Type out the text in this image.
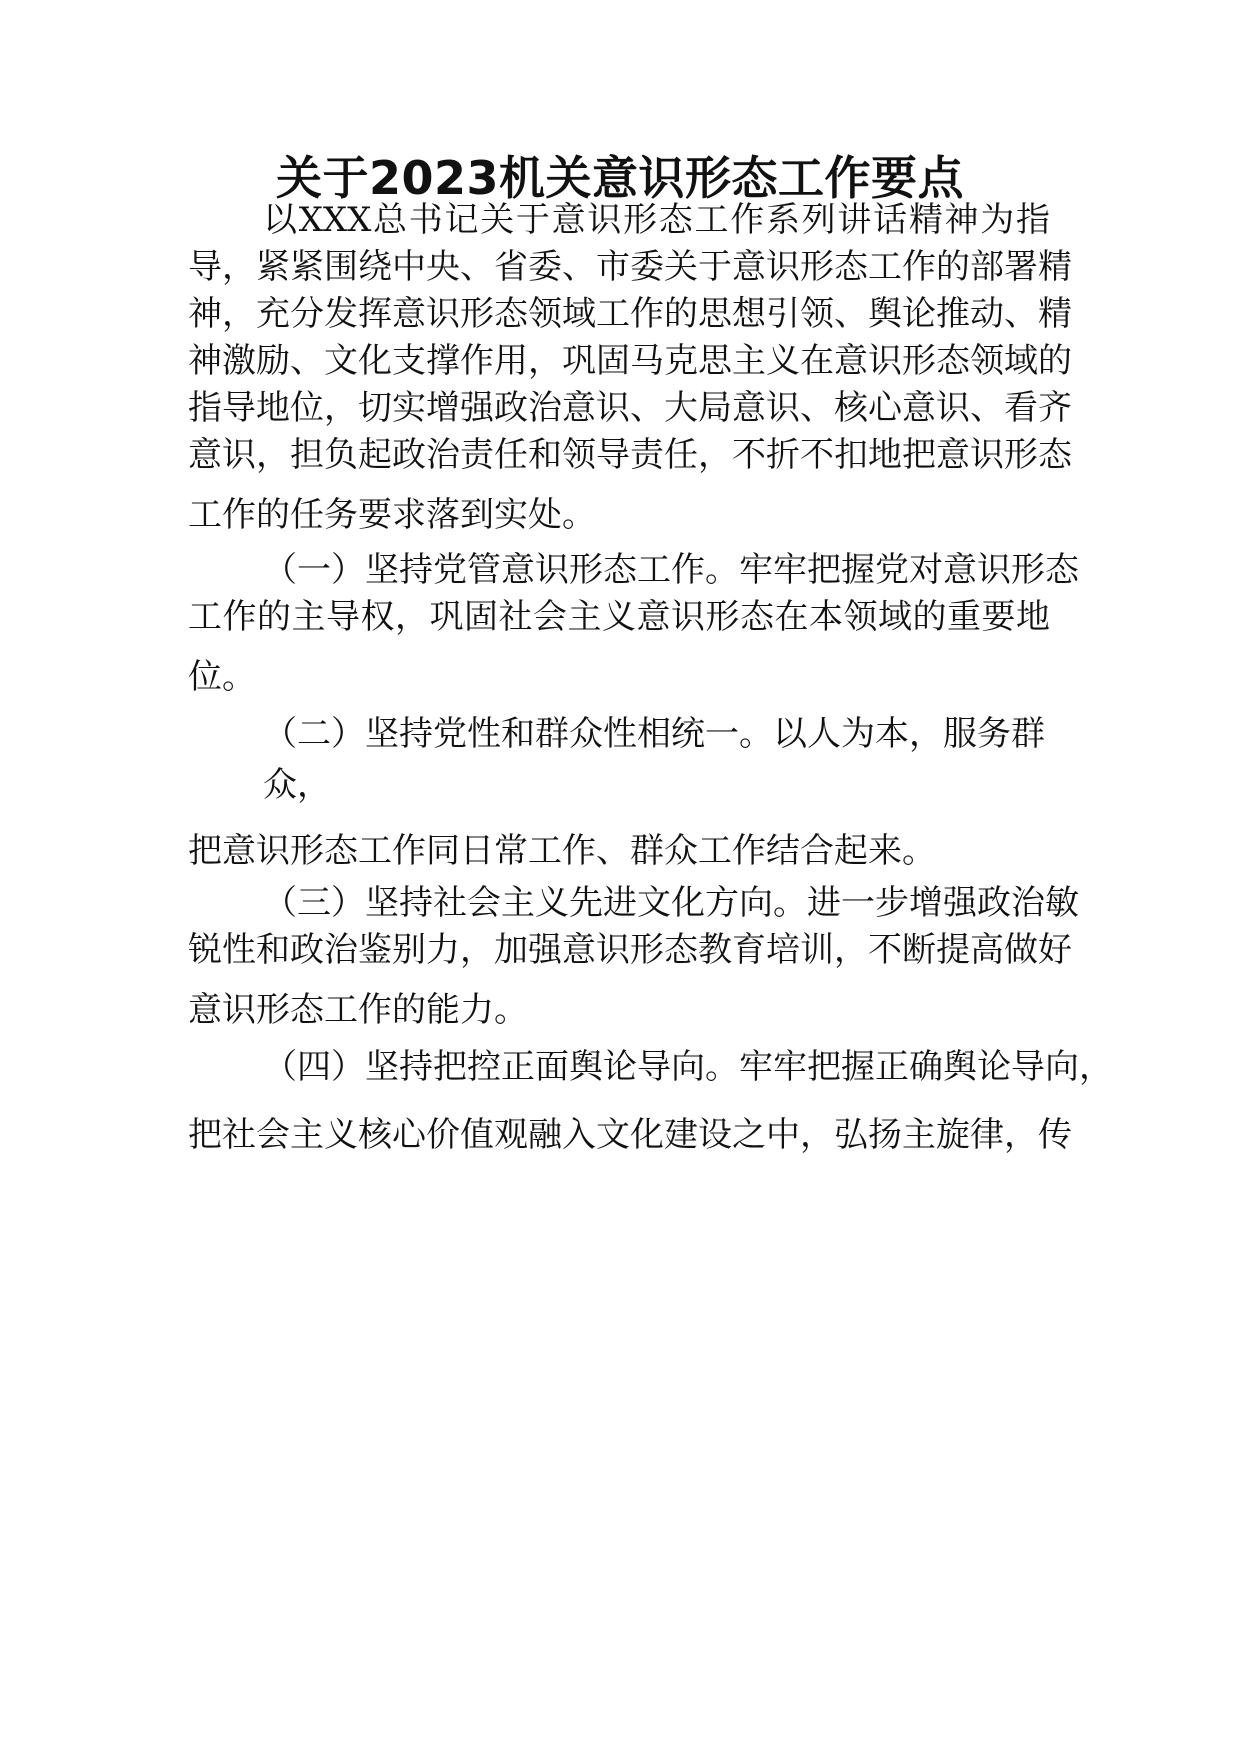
关于2023机关意识形态工作要点
以XXX总书记关于意识形态工作系列讲话精神为指
导，紧紧围绕中央、省委、市委关于意识形态工作的部署精
神，充分发挥意识形态领域工作的思想引领、舆论推动、精
神激励、文化支撑作用，巩固马克思主义在意识形态领域的
指导地位，切实增强政治意识、大局意识、核心意识、看齐
意识，担负起政治责任和领导责任，不折不扣地把意识形态
工作的任务要求落到实处。
（一）坚持党管意识形态工作。牢牢把握党对意识形态
工作的主导权，巩固社会主义意识形态在本领域的重要地
位。
（二）坚持党性和群众性相统一。以人为本，服务群
众，
把意识形态工作同日常工作、群众工作结合起来。
（三）坚持社会主义先进文化方向。进一步增强政治敏
锐性和政治鉴别力，加强意识形态教育培训，不断提高做好
意识形态工作的能力。
（四）坚持把控正面舆论导向。牢牢把握正确舆论导向，
把社会主义核心价值观融入文化建设之中，弘扬主旋律，传
